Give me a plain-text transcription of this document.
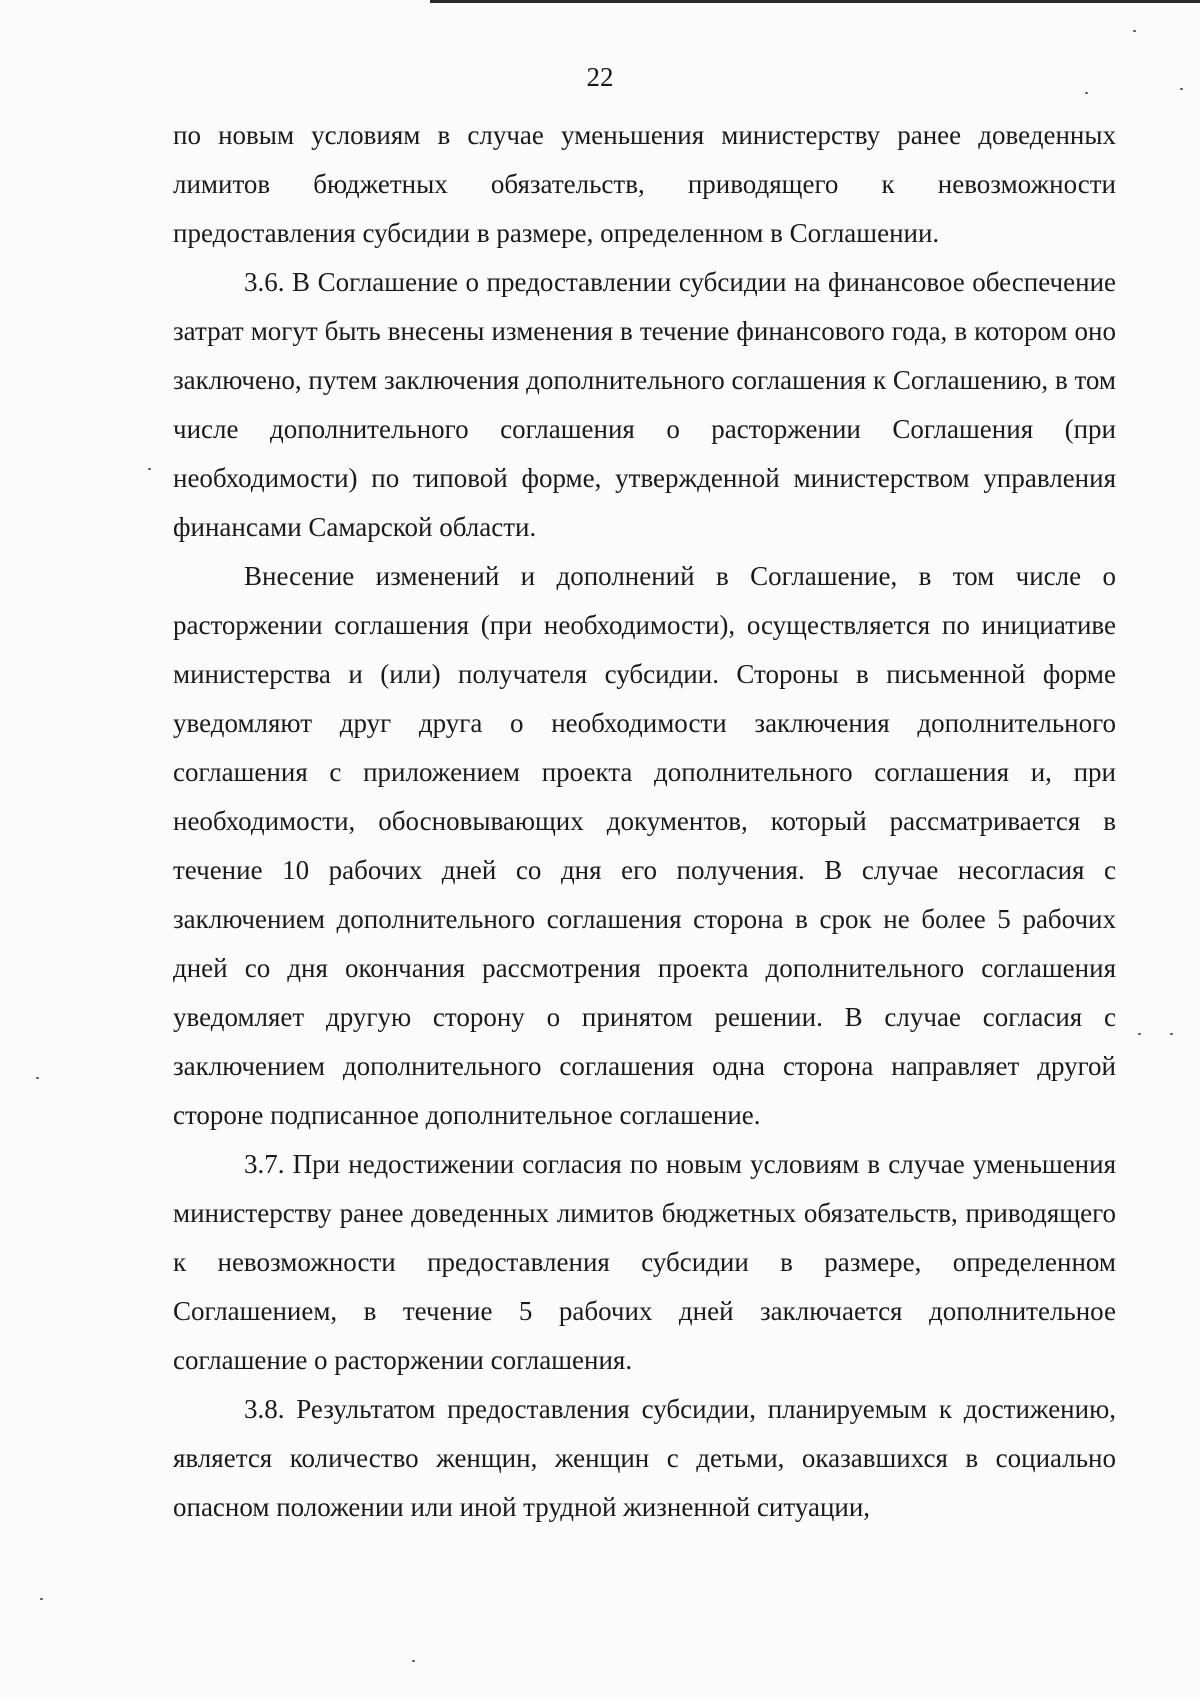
22

по новым условиям в случае уменьшения министерству ранее доведенных лимитов бюджетных обязательств, приводящего к невозможности предоставления субсидии в размере, определенном в Соглашении.

3.6. В Соглашение о предоставлении субсидии на финансовое обеспечение затрат могут быть внесены изменения в течение финансового года, в котором оно заключено, путем заключения дополнительного соглашения к Соглашению, в том числе дополнительного соглашения о расторжении Соглашения (при необходимости) по типовой форме, утвержденной министерством управления финансами Самарской области.

Внесение изменений и дополнений в Соглашение, в том числе о расторжении соглашения (при необходимости), осуществляется по инициативе министерства и (или) получателя субсидии. Стороны в письменной форме уведомляют друг друга о необходимости заключения дополнительного соглашения с приложением проекта дополнительного соглашения и, при необходимости, обосновывающих документов, который рассматривается в течение 10 рабочих дней со дня его получения. В случае несогласия с заключением дополнительного соглашения сторона в срок не более 5 рабочих дней со дня окончания рассмотрения проекта дополнительного соглашения уведомляет другую сторону о принятом решении. В случае согласия с заключением дополнительного соглашения одна сторона направляет другой стороне подписанное дополнительное соглашение.

3.7. При недостижении согласия по новым условиям в случае уменьшения министерству ранее доведенных лимитов бюджетных обязательств, приводящего к невозможности предоставления субсидии в размере, определенном Соглашением, в течение 5 рабочих дней заключается дополнительное соглашение о расторжении соглашения.

3.8. Результатом предоставления субсидии, планируемым к достижению, является количество женщин, женщин с детьми, оказавшихся в социально опасном положении или иной трудной жизненной ситуации,
